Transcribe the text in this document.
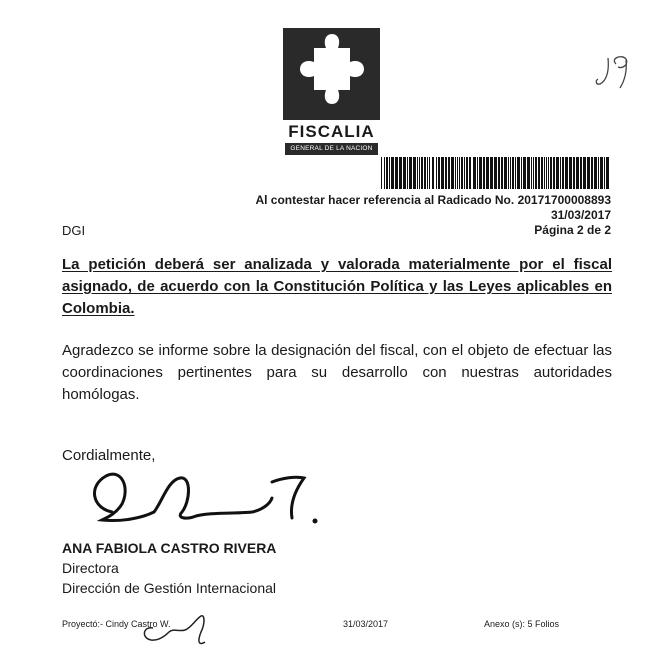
FISCALIA
GENERAL DE LA NACION
Al contestar hacer referencia al Radicado No. 20171700008893
31/03/2017
Página 2 de 2
DGI
La petición deberá ser analizada y valorada materialmente por el fiscal asignado, de acuerdo con la Constitución Política y las Leyes aplicables en Colombia.
Agradezco se informe sobre la designación del fiscal, con el objeto de efectuar las coordinaciones pertinentes para su desarrollo con nuestras autoridades homólogas.
Cordialmente,
ANA FABIOLA CASTRO RIVERA
Directora
Dirección de Gestión Internacional
Proyectó:- Cindy Castro W.	31/03/2017	Anexo (s): 5 Folios
